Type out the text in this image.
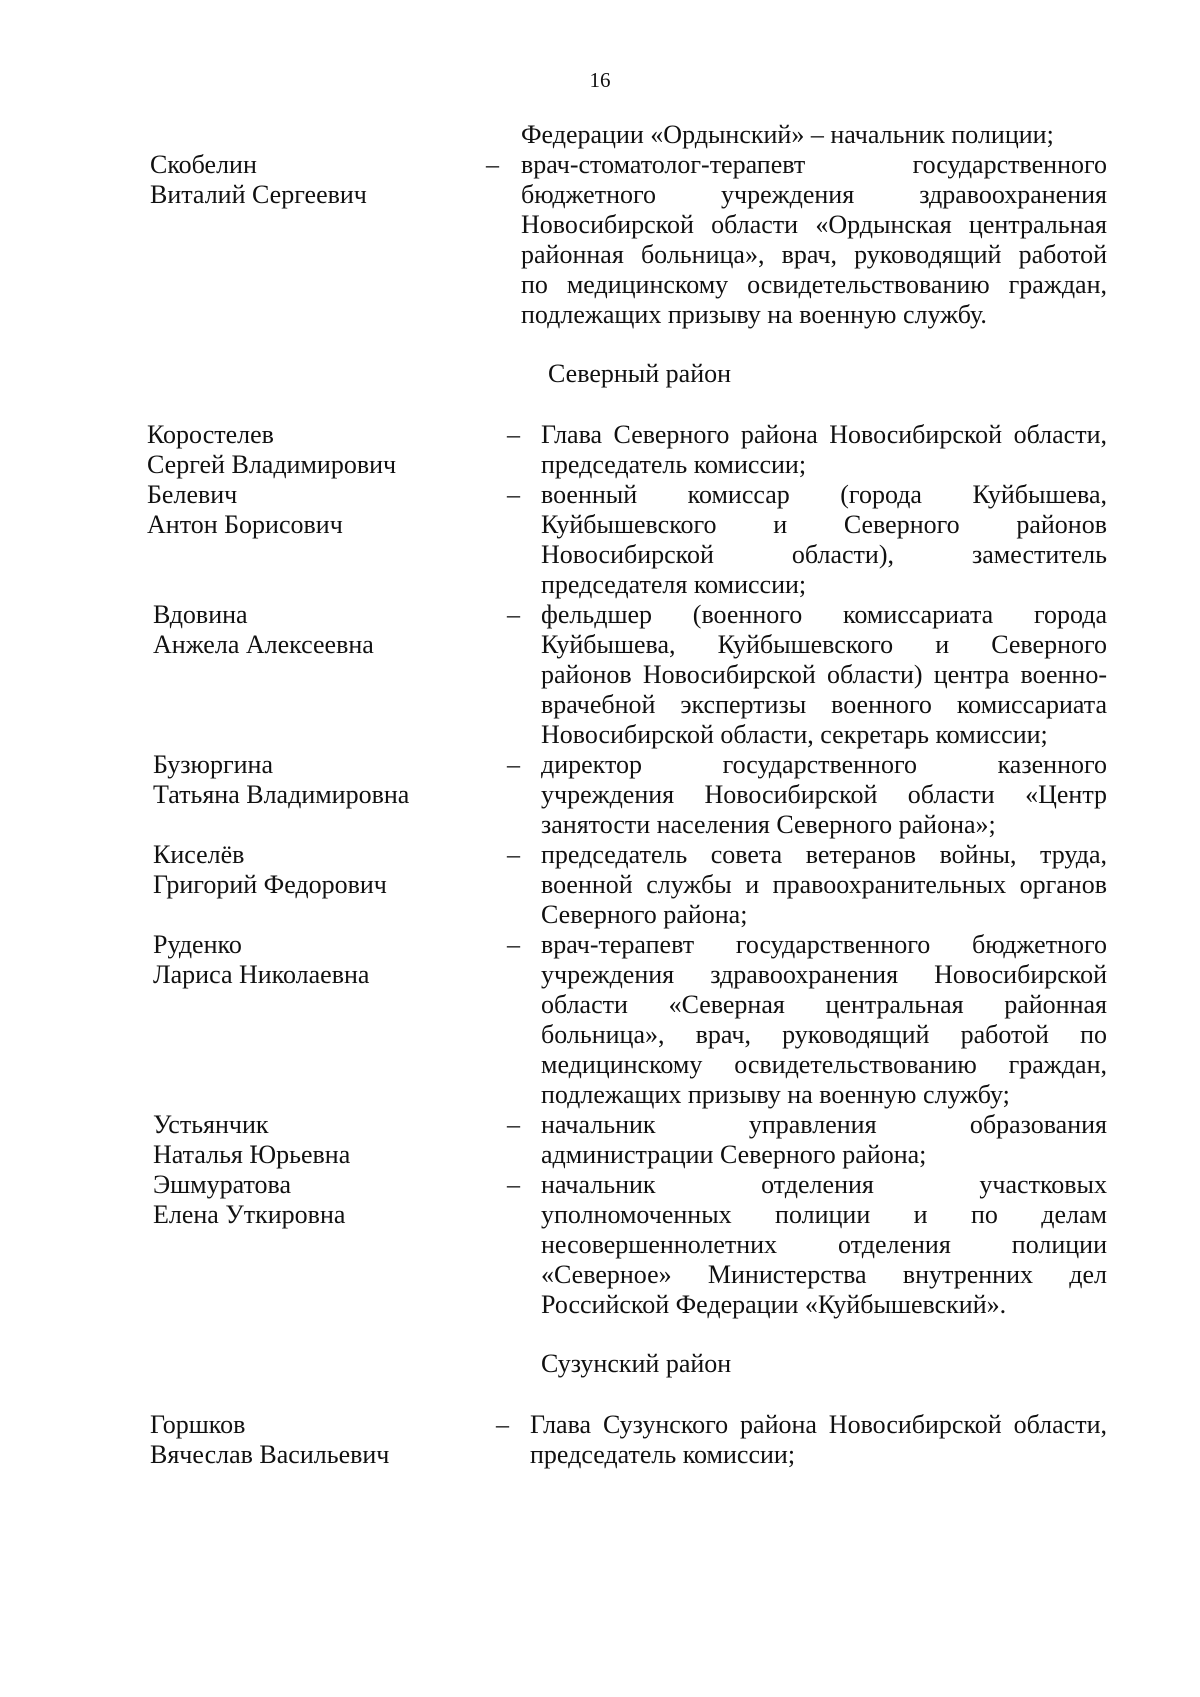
16
Федерации «Ордынский» – начальник полиции;
Скобелин
Виталий Сергеевич
– врач-стоматолог-терапевт государственного
бюджетного учреждения здравоохранения
Новосибирской области «Ордынская центральная
районная больница», врач, руководящий работой
по медицинскому освидетельствованию граждан,
подлежащих призыву на военную службу.
Северный район
Коростелев
Сергей Владимирович
– Глава Северного района Новосибирской области,
председатель комиссии;
Белевич
Антон Борисович
– военный комиссар (города Куйбышева,
Куйбышевского и Северного районов
Новосибирской области), заместитель
председателя комиссии;
Вдовина
Анжела Алексеевна
– фельдшер (военного комиссариата города
Куйбышева, Куйбышевского и Северного
районов Новосибирской области) центра военно-
врачебной экспертизы военного комиссариата
Новосибирской области, секретарь комиссии;
Бузюргина
Татьяна Владимировна
– директор государственного казенного
учреждения Новосибирской области «Центр
занятости населения Северного района»;
Киселёв
Григорий Федорович
– председатель совета ветеранов войны, труда,
военной службы и правоохранительных органов
Северного района;
Руденко
Лариса Николаевна
– врач-терапевт государственного бюджетного
учреждения здравоохранения Новосибирской
области «Северная центральная районная
больница», врач, руководящий работой по
медицинскому освидетельствованию граждан,
подлежащих призыву на военную службу;
Устьянчик
Наталья Юрьевна
– начальник управления образования
администрации Северного района;
Эшмуратова
Елена Уткировна
– начальник отделения участковых
уполномоченных полиции и по делам
несовершеннолетних отделения полиции
«Северное» Министерства внутренних дел
Российской Федерации «Куйбышевский».
Сузунский район
Горшков
Вячеслав Васильевич
– Глава Сузунского района Новосибирской области,
председатель комиссии;
